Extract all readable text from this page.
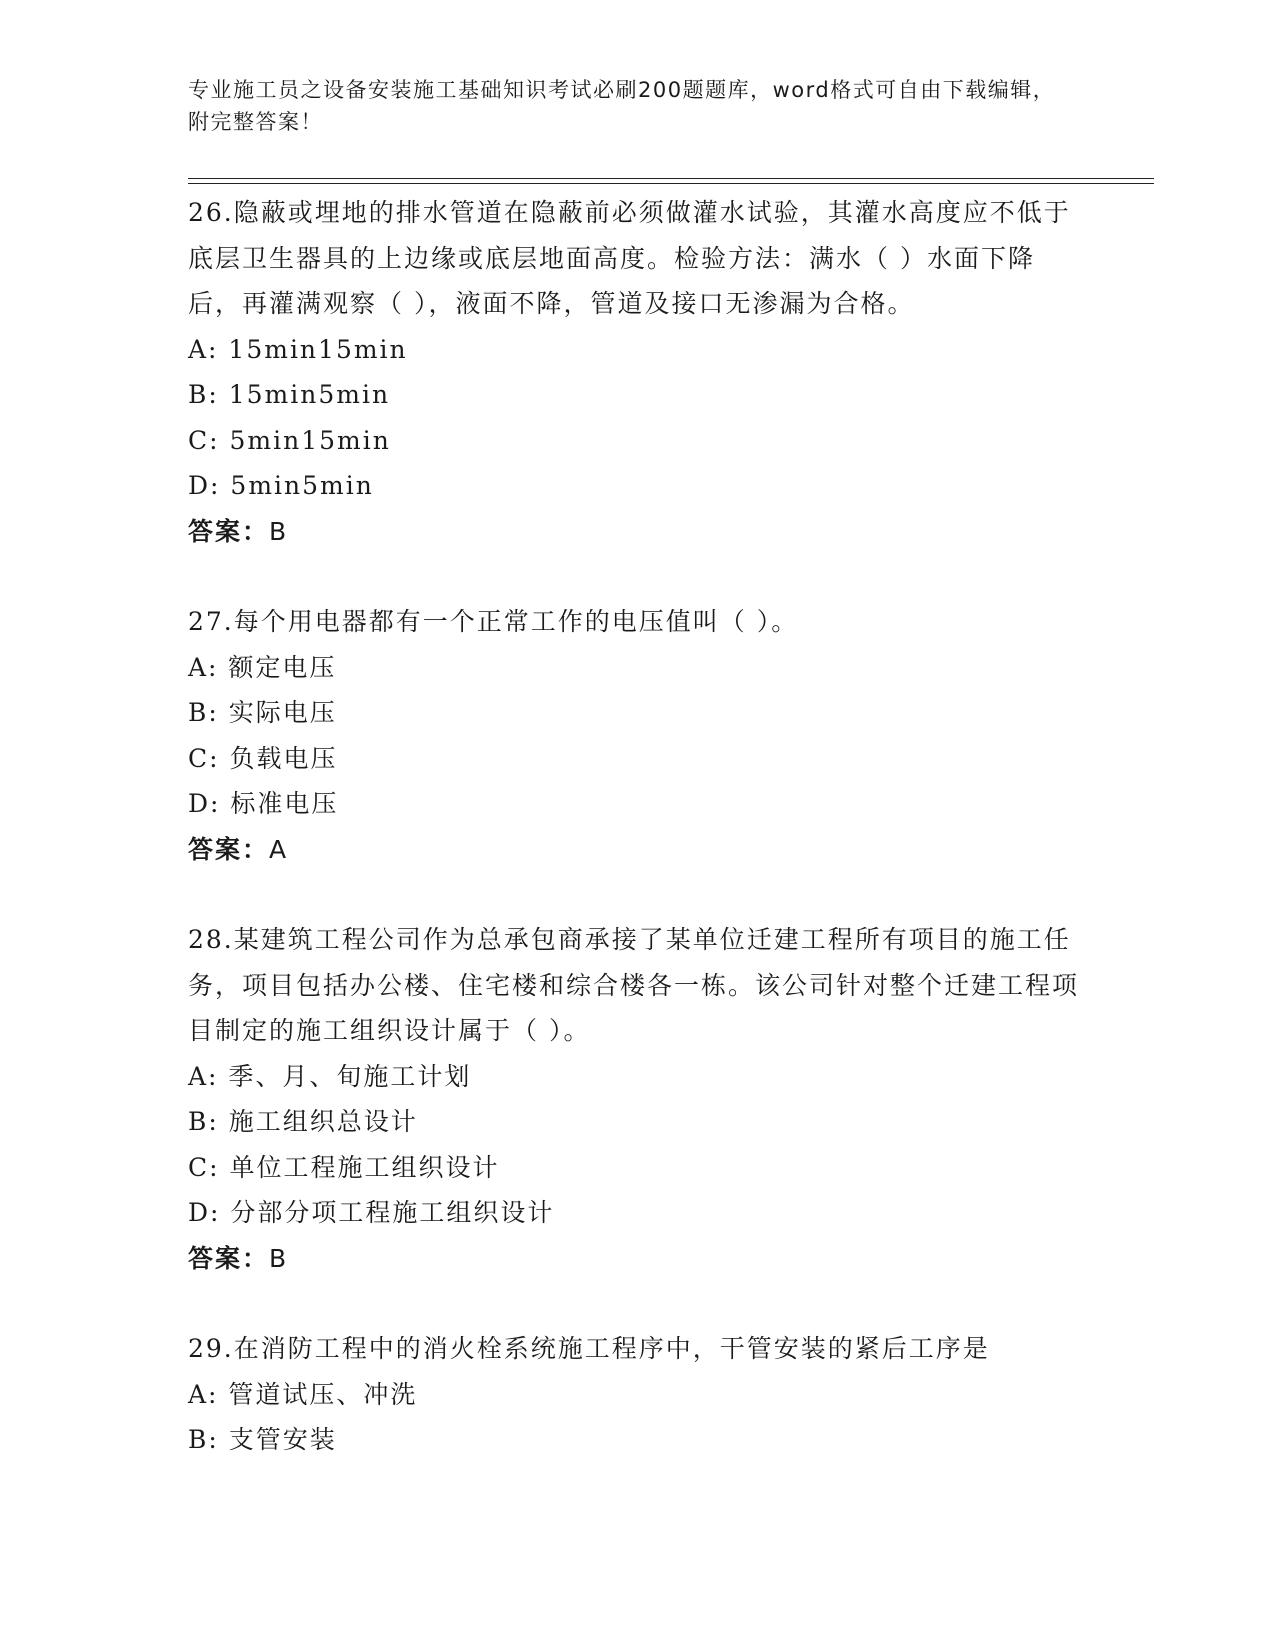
专业施工员之设备安装施工基础知识考试必刷200题题库，word格式可自由下载编辑，附完整答案！
26.隐蔽或埋地的排水管道在隐蔽前必须做灌水试验，其灌水高度应不低于底层卫生器具的上边缘或底层地面高度。检验方法：满水（ ）水面下降后，再灌满观察（ ），液面不降，管道及接口无渗漏为合格。
A: 15min15min
B: 15min5min
C: 5min15min
D: 5min5min
答案：B
27.每个用电器都有一个正常工作的电压值叫（ ）。
A: 额定电压
B: 实际电压
C: 负载电压
D: 标准电压
答案：A
28.某建筑工程公司作为总承包商承接了某单位迁建工程所有项目的施工任务，项目包括办公楼、住宅楼和综合楼各一栋。该公司针对整个迁建工程项目制定的施工组织设计属于（ ）。
A: 季、月、旬施工计划
B: 施工组织总设计
C: 单位工程施工组织设计
D: 分部分项工程施工组织设计
答案：B
29.在消防工程中的消火栓系统施工程序中，干管安装的紧后工序是
A: 管道试压、冲洗
B: 支管安装
